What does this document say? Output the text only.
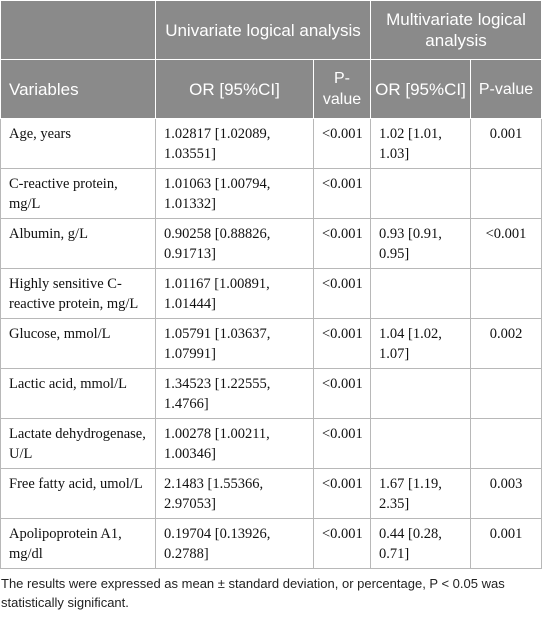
	Univariate logical analysis		Multivariate logical analysis	
Variables	OR [95%CI]	P-value	OR [95%CI]	P-value
Age, years	1.02817 [1.02089, 1.03551]	<0.001	1.02 [1.01, 1.03]	0.001
C-reactive protein, mg/L	1.01063 [1.00794, 1.01332]	<0.001		
Albumin, g/L	0.90258 [0.88826, 0.91713]	<0.001	0.93 [0.91, 0.95]	<0.001
Highly sensitive C-reactive protein, mg/L	1.01167 [1.00891, 1.01444]	<0.001		
Glucose, mmol/L	1.05791 [1.03637, 1.07991]	<0.001	1.04 [1.02, 1.07]	0.002
Lactic acid, mmol/L	1.34523 [1.22555, 1.4766]	<0.001		
Lactate dehydrogenase, U/L	1.00278 [1.00211, 1.00346]	<0.001		
Free fatty acid, umol/L	2.1483 [1.55366, 2.97053]	<0.001	1.67 [1.19, 2.35]	0.003
Apolipoprotein A1, mg/dl	0.19704 [0.13926, 0.2788]	<0.001	0.44 [0.28, 0.71]	0.001
The results were expressed as mean ± standard deviation, or percentage, P < 0.05 was statistically significant.
